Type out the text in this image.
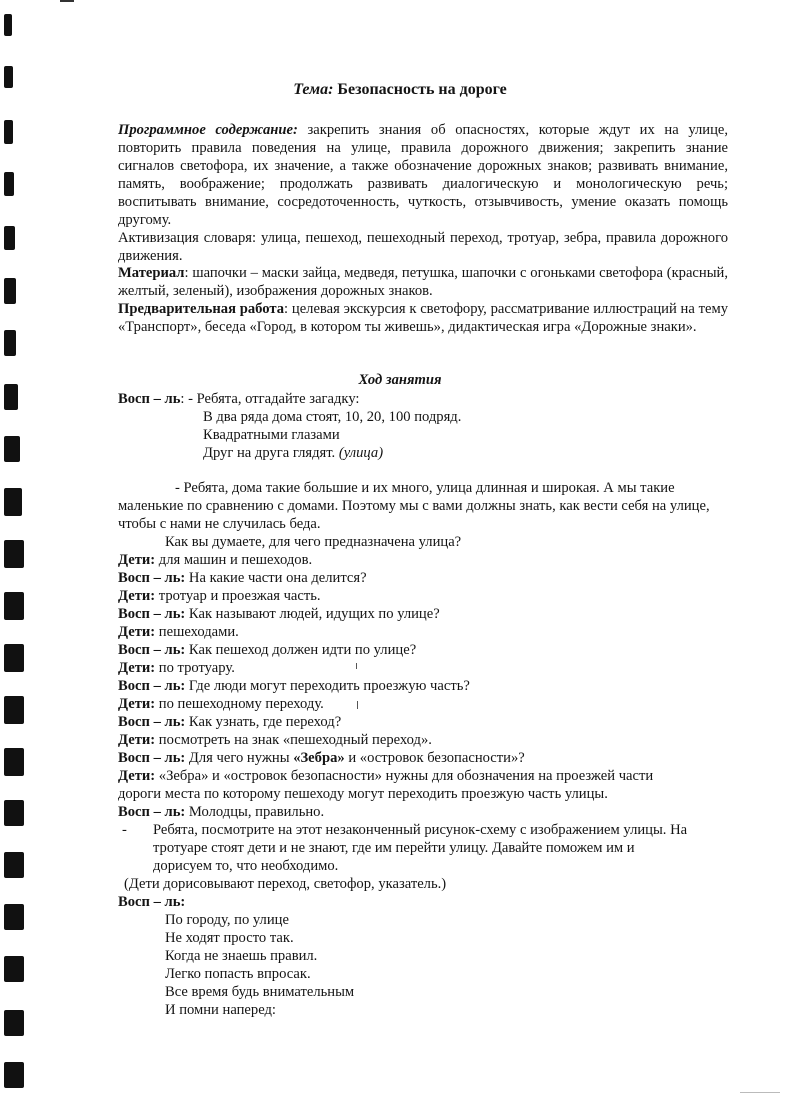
Тема: Безопасность на дороге
Программное содержание: закрепить знания об опасностях, которые ждут их на улице, повторить правила поведения на улице, правила дорожного движения; закрепить знание сигналов светофора, их значение, а также обозначение дорожных знаков; развивать внимание, память, воображение; продолжать развивать диалогическую и монологическую речь; воспитывать внимание, сосредоточенность, чуткость, отзывчивость, умение оказать помощь другому.
Активизация словаря: улица, пешеход, пешеходный переход, тротуар, зебра, правила дорожного движения.
Материал: шапочки – маски зайца, медведя, петушка, шапочки с огоньками светофора (красный, желтый, зеленый), изображения дорожных знаков.
Предварительная работа: целевая экскурсия к светофору, рассматривание иллюстраций на тему «Транспорт», беседа «Город, в котором ты живешь», дидактическая игра «Дорожные знаки».
Ход занятия
Восп – ль: - Ребята, отгадайте загадку:
В два ряда дома стоят, 10, 20, 100 подряд.
Квадратными глазами
Друг на друга глядят. (улица)
- Ребята, дома такие большие и их много, улица длинная и широкая. А мы такие маленькие по сравнению с домами. Поэтому мы с вами должны знать, как вести себя на улице, чтобы с нами не случилась беда.
Как вы думаете, для чего предназначена улица?
Дети: для машин и пешеходов.
Восп – ль: На какие части она делится?
Дети: тротуар и проезжая часть.
Восп – ль: Как называют людей, идущих по улице?
Дети: пешеходами.
Восп – ль: Как пешеход должен идти по улице?
Дети: по тротуару.
Восп – ль: Где люди могут переходить проезжую часть?
Дети: по пешеходному переходу.
Восп – ль: Как узнать, где переход?
Дети: посмотреть на знак «пешеходный переход».
Восп – ль: Для чего нужны «Зебра» и «островок безопасности»?
Дети: «Зебра» и «островок безопасности» нужны для обозначения на проезжей части
дороги места по которому пешеходу могут переходить проезжую часть улицы.
Восп – ль: Молодцы, правильно.
- Ребята, посмотрите на этот незаконченный рисунок-схему с изображением улицы. На
тротуаре стоят дети и не знают, где им перейти улицу. Давайте поможем им и
дорисуем то, что необходимо.
(Дети дорисовывают переход, светофор, указатель.)
Восп – ль:
По городу, по улице
Не ходят просто так.
Когда не знаешь правил.
Легко попасть впросак.
Все время будь внимательным
И помни наперед:
